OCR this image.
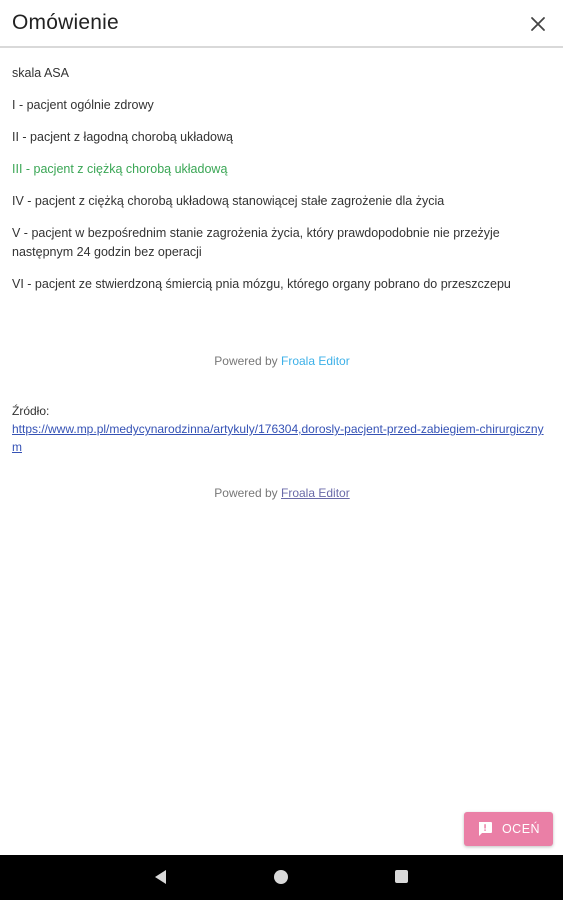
Omówienie

skala ASA

I - pacjent ogólnie zdrowy

II - pacjent z łagodną chorobą układową

III - pacjent z ciężką chorobą układową

IV - pacjent z ciężką chorobą układową stanowiącej stałe zagrożenie dla życia

V - pacjent w bezpośrednim stanie zagrożenia życia, który prawdopodobnie nie przeżyje następnym 24 godzin bez operacji

VI - pacjent ze stwierdzoną śmiercią pnia mózgu, którego organy pobrano do przeszczepu

Powered by Froala Editor
Źródło:
https://www.mp.pl/medycynarodzinna/artykuly/176304,dorosly-pacjent-przed-zabiegiem-chirurgicznym
Powered by Froala Editor
OCEŃ
